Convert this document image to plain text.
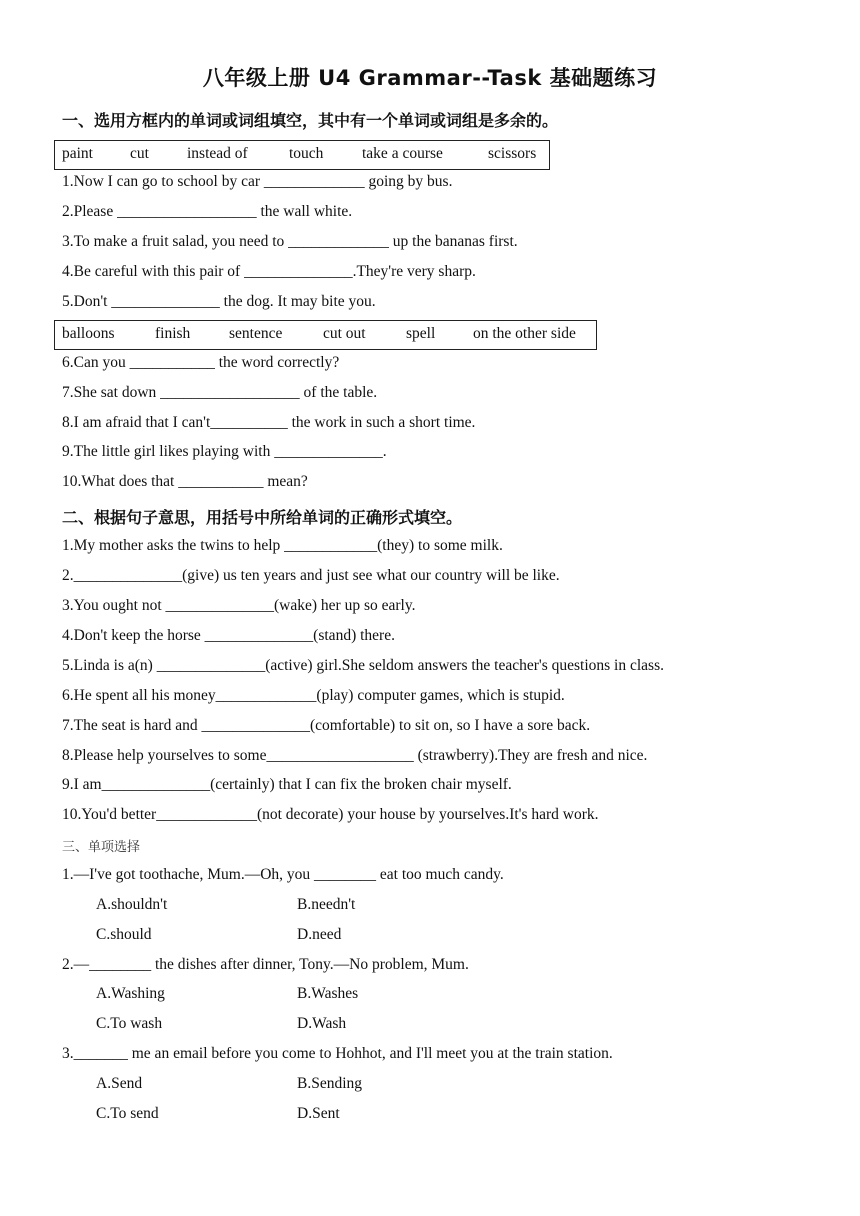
八年级上册 U4 Grammar--Task 基础题练习
一、选用方框内的单词或词组填空，其中有一个单词或词组是多余的。
paint cut instead of	touch take a course	scissors
1.Now I can go to school by car _____________ going by bus.
2.Please __________________ the wall white.
3.To make a fruit salad, you need to _____________ up the bananas first.
4.Be careful with this pair of ______________.They're very sharp.
5.Don't ______________ the dog. It may bite you.
balloons	finish sentence	cut out	spell on the other side
6.Can you ___________ the word correctly?
7.She sat down __________________ of the table.
8.I am afraid that I can't__________ the work in such a short time.
9.The little girl likes playing with ______________.
10.What does that ___________ mean?
二、根据句子意思，用括号中所给单词的正确形式填空。
1.My mother asks the twins to help ____________(they) to some milk.
2.______________(give) us ten years and just see what our country will be like.
3.You ought not ______________(wake) her up so early.
4.Don't keep the horse ______________(stand) there.
5.Linda is a(n) ______________(active) girl.She seldom answers the teacher's questions in class.
6.He spent all his money_____________(play) computer games, which is stupid.
7.The seat is hard and ______________(comfortable) to sit on, so I have a sore back.
8.Please help yourselves to some___________________ (strawberry).They are fresh and nice.
9.I am______________(certainly) that I can fix the broken chair myself.
10.You'd better_____________(not decorate) your house by yourselves.It's hard work.
三、单项选择
1.—I've got toothache, Mum.—Oh, you ________ eat too much candy.
A.shouldn't	B.needn't
C.should	D.need
2.—________ the dishes after dinner, Tony.—No problem, Mum.
A.Washing	B.Washes
C.To wash	D.Wash
3._______ me an email before you come to Hohhot, and I'll meet you at the train station.
A.Send	B.Sending
C.To send	D.Sent
